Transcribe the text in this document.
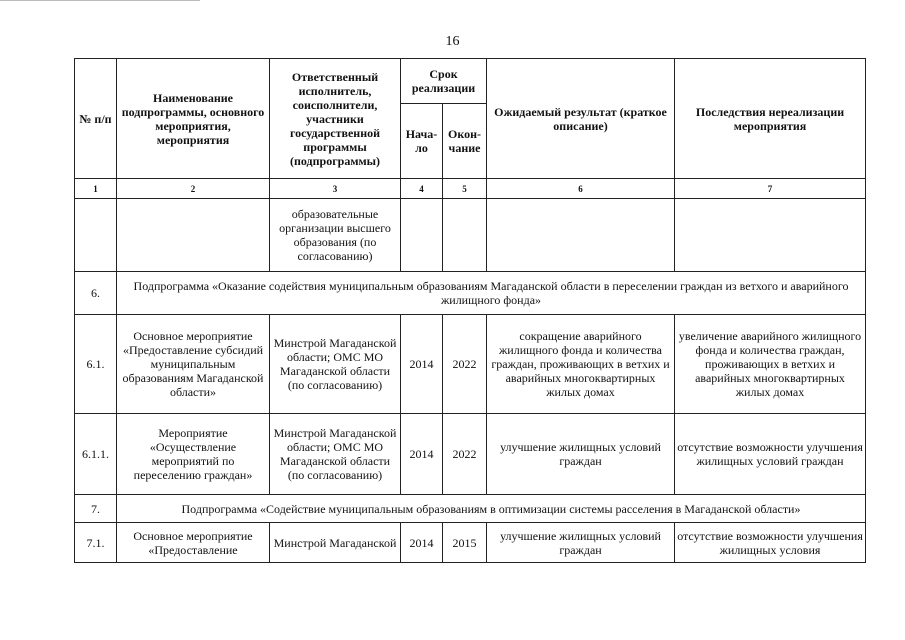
16
№ п/п	Наименование подпрограммы, основного мероприятия, мероприятия	Ответственный исполнитель, соисполнители, участники государственной программы (подпрограммы)	Срок реализации		Ожидаемый результат (краткое описание)	Последствия нереализации мероприятия
			Нача-ло	Окон-чание		
1	2	3	4	5	6	7
		образовательные организации высшего образования (по согласованию)				
6.	Подпрограмма «Оказание содействия муниципальным образованиям Магаданской области в переселении граждан из ветхого и аварийного жилищного фонда»					
6.1.	Основное мероприятие «Предоставление субсидий муниципальным образованиям Магаданской области»	Минстрой Магаданской области; ОМС МО Магаданской области (по согласованию)	2014	2022	сокращение аварийного жилищного фонда и количества граждан, проживающих в ветхих и аварийных многоквартирных жилых домах	увеличение аварийного жилищного фонда и количества граждан, проживающих в ветхих и аварийных многоквартирных жилых домах
6.1.1.	Мероприятие «Осуществление мероприятий по переселению граждан»	Минстрой Магаданской области; ОМС МО Магаданской области (по согласованию)	2014	2022	улучшение жилищных условий граждан	отсутствие возможности улучшения жилищных условий граждан
7.	Подпрограмма «Содействие муниципальным образованиям в оптимизации системы расселения в Магаданской области»					
7.1.	Основное мероприятие «Предоставление	Минстрой Магаданской	2014	2015	улучшение жилищных условий граждан	отсутствие возможности улучшения жилищных условия
